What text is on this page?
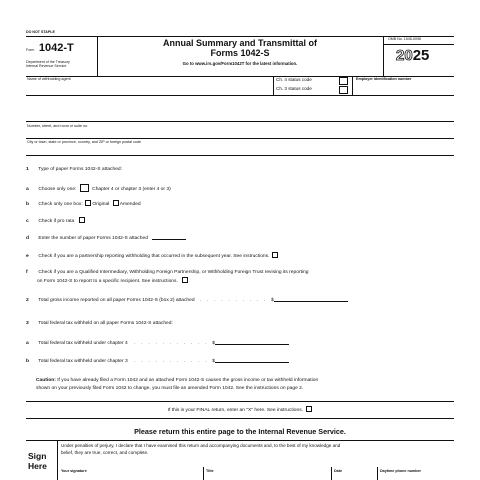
DO NOT STAPLE
Form 1042-T
Department of the Treasury
Internal Revenue Service
Annual Summary and Transmittal of
Forms 1042-S
Go to www.irs.gov/Form1042T for the latest information.
OMB No. 1545-0096
2025
Name of withholding agent	Ch. 4 status code
Ch. 3 status code
Employer identification number
Number, street, and room or suite no.
City or town, state or province, country, and ZIP or foreign postal code
1 Type of paper Forms 1042-S attached:
a Choose only one:	Chapter 4 or chapter 3 (enter 4 or 3)
b Check only one box: Original Amended
c Check if pro rata
d Enter the number of paper Forms 1042-S attached
e Check if you are a partnership reporting withholding that occurred in the subsequent year. See instructions.
f Check if you are a Qualified Intermediary, Withholding Foreign Partnership, or Withholding Foreign Trust revising its reporting
on Form 1042-S to report to a specific recipient. See instructions.
2 Total gross income reported on all paper Forms 1042-S (box 2) attached . . . . . . . . . . $
3 Total federal tax withheld on all paper Forms 1042-S attached:
a Total federal tax withheld under chapter 4 . . . . . . . . . . . $
b Total federal tax withheld under chapter 3 . . . . . . . . . . . $
Caution: If you have already filed a Form 1042 and an attached Form 1042-S causes the gross income or tax withheld information
shown on your previously filed Form 1042 to change, you must file an amended Form 1042. See the instructions on page 2.
If this is your FINAL return, enter an "X" here. See instructions.
Please return this entire page to the Internal Revenue Service.
Sign
Here
Under penalties of perjury, I declare that I have examined this return and accompanying documents and, to the best of my knowledge and
belief, they are true, correct, and complete.
Your signature	Title	Date	Daytime phone number
